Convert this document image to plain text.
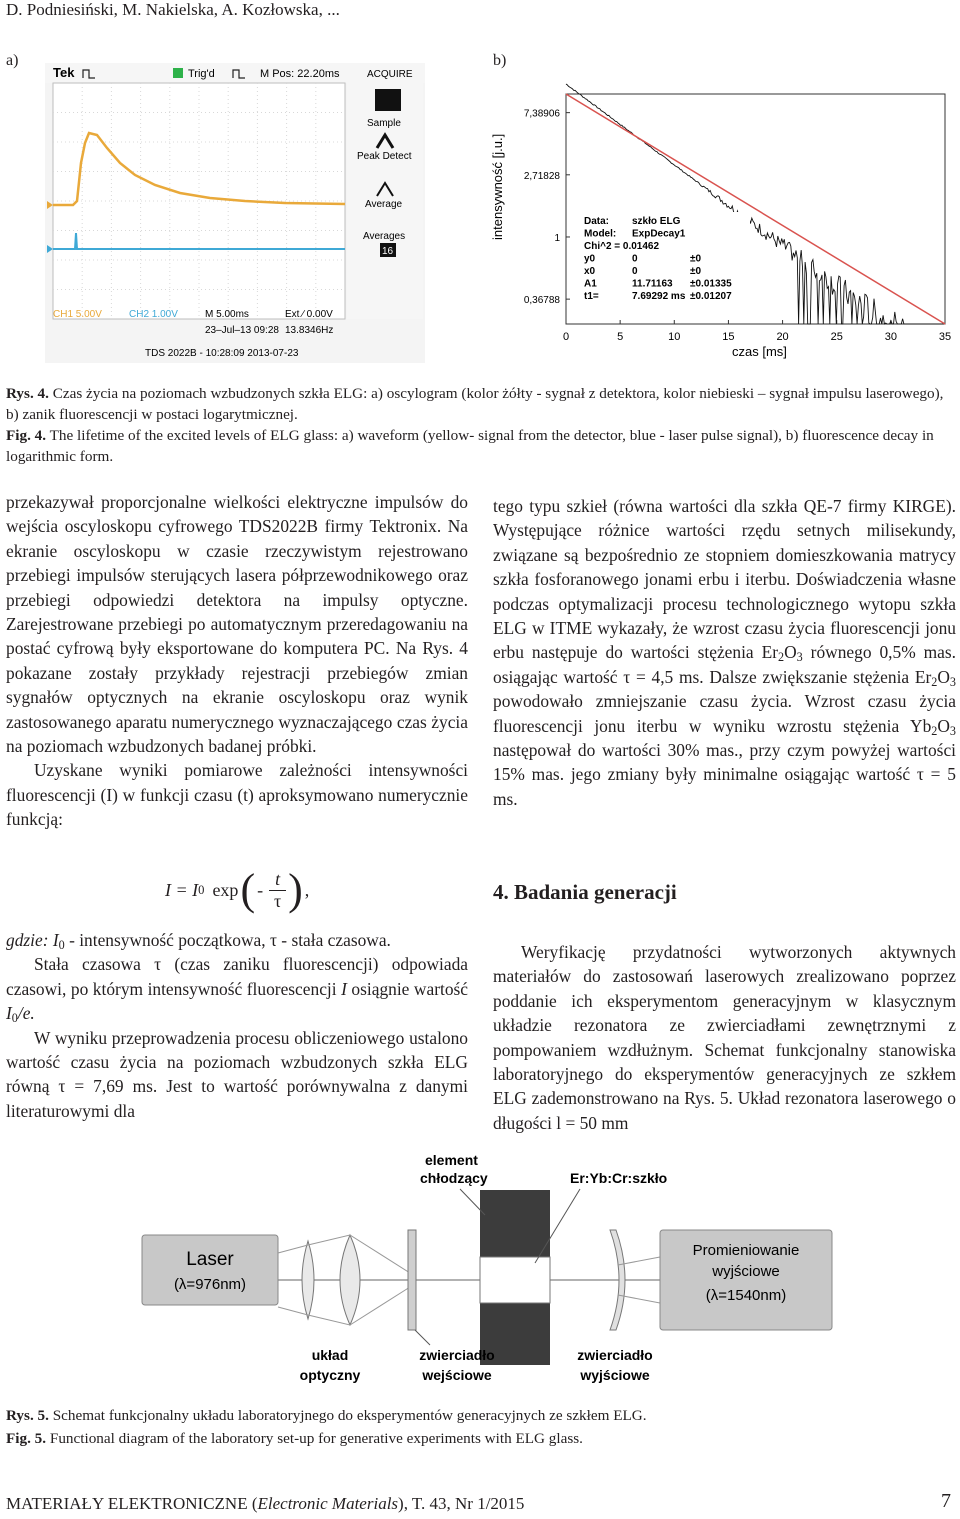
D. Podniesiński, M. Nakielska, A. Kozłowska, ...
a)	b)
Tek	Trig'd	M Pos: 22.20ms	ACQUIRE
Sample
Peak Detect
Average
Averages
16
CH1 5.00V	CH2 1.00V	M 5.00ms	Ext ∕ 0.00V
23–Jul–13 09:28 13.8346Hz
TDS 2022B - 10:28:09 2013-07-23
intensywność [j.u.]
7,38906
2,71828
1
0,36788
0	5	10	15	20	25	30	35
Data: szkło ELG
Model: ExpDecay1
Chi^2 = 0.01462
y0	0	±0
x0	0	±0
A1	11.71163 ±0.01335
t1=	7.69292 ms ±0.01207
czas [ms]
Rys. 4. Czas życia na poziomach wzbudzonych szkła ELG: a) oscylogram (kolor żółty - sygnał z detektora, kolor niebieski – sygnał impulsu laserowego), b) zanik fluorescencji w postaci logarytmicznej.
Fig. 4. The lifetime of the excited levels of ELG glass: a) waveform (yellow- signal from the detector, blue - laser pulse signal), b) fluorescence decay in logarithmic form.

przekazywał proporcjonalne wielkości elektryczne impulsów do wejścia oscyloskopu cyfrowego TDS2022B firmy Tektronix. Na ekranie oscyloskopu w czasie rzeczywistym rejestrowano przebiegi impulsów sterujących lasera półprzewodnikowego oraz przebiegi odpowiedzi detektora na impulsy optyczne. Zarejestrowane przebiegi po automatycznym przeredagowaniu na postać cyfrową były eksportowane do komputera PC. Na Rys. 4 pokazane zostały przykłady rejestracji przebiegów zmian sygnałów optycznych na ekranie oscyloskopu oraz wynik zastosowanego aparatu numerycznego wyznaczającego czas życia na poziomach wzbudzonych badanej próbki.

Uzyskane wyniki pomiarowe zależności intensywności fluorescencji (I) w funkcji czasu (t) aproksymowano numerycznie funkcją:

I = I 0 exp ( -
t
τ ) ,

gdzie: $I_0$ - intensywność początkowa, τ - stała czasowa.

Stała czasowa τ (czas zaniku fluorescencji) odpowiada czasowi, po którym intensywność fluorescencji I osiągnie wartość $I_0/e$.

W wyniku przeprowadzenia procesu obliczeniowego ustalono wartość czasu życia na poziomach wzbudzonych szkła ELG równą τ = 7,69 ms. Jest to wartość porównywalna z danymi literaturowymi dla

tego typu szkieł (równa wartości dla szkła QE-7 firmy KIRGE). Występujące różnice wartości rzędu setnych milisekundy, związane są bezpośrednio ze stopniem domieszkowania matrycy szkła fosforanowego jonami erbu i iterbu. Doświadczenia własne podczas optymalizacji procesu technologicznego wytopu szkła ELG w ITME wykazały, że wzrost czasu życia fluorescencji jonu erbu następuje do wartości stężenia $Er_2O_3$ równego 0,5% mas. osiągając wartość τ = 4,5 ms. Dalsze zwiększanie stężenia $Er_2O_3$ powodowało zmniejszanie czasu życia. Wzrost czasu życia fluorescencji jonu iterbu w wyniku wzrostu stężenia $Yb_2O_3$ następował do wartości 30% mas., przy czym powyżej wartości 15% mas. jego zmiany były minimalne osiągając wartość τ = 5 ms.

4. Badania generacji
Weryfikację przydatności wytworzonych aktywnych materiałów do zastosowań laserowych zrealizowano poprzez poddanie ich eksperymentom generacyjnym w klasycznym układzie rezonatora ze zwierciadłami zewnętrznymi z pompowaniem wzdłużnym. Schemat funkcjonalny stanowiska laboratoryjnego do eksperymentów generacyjnych ze szkłem ELG zademonstrowano na Rys. 5. Układ rezonatora laserowego o długości l = 50 mm
Laser
(λ=976nm)
Promieniowanie
wyjściowe
(λ=1540nm)
element
chłodzący	Er:Yb:Cr:szkło
układ
optyczny
zwierciadło
wejściowe
zwierciadło
wyjściowe
Rys. 5. Schemat funkcjonalny układu laboratoryjnego do eksperymentów generacyjnych ze szkłem ELG.
Fig. 5. Functional diagram of the laboratory set-up for generative experiments with ELG glass.
MATERIAŁY ELEKTRONICZNE (Electronic Materials), T. 43, Nr 1/2015	7
